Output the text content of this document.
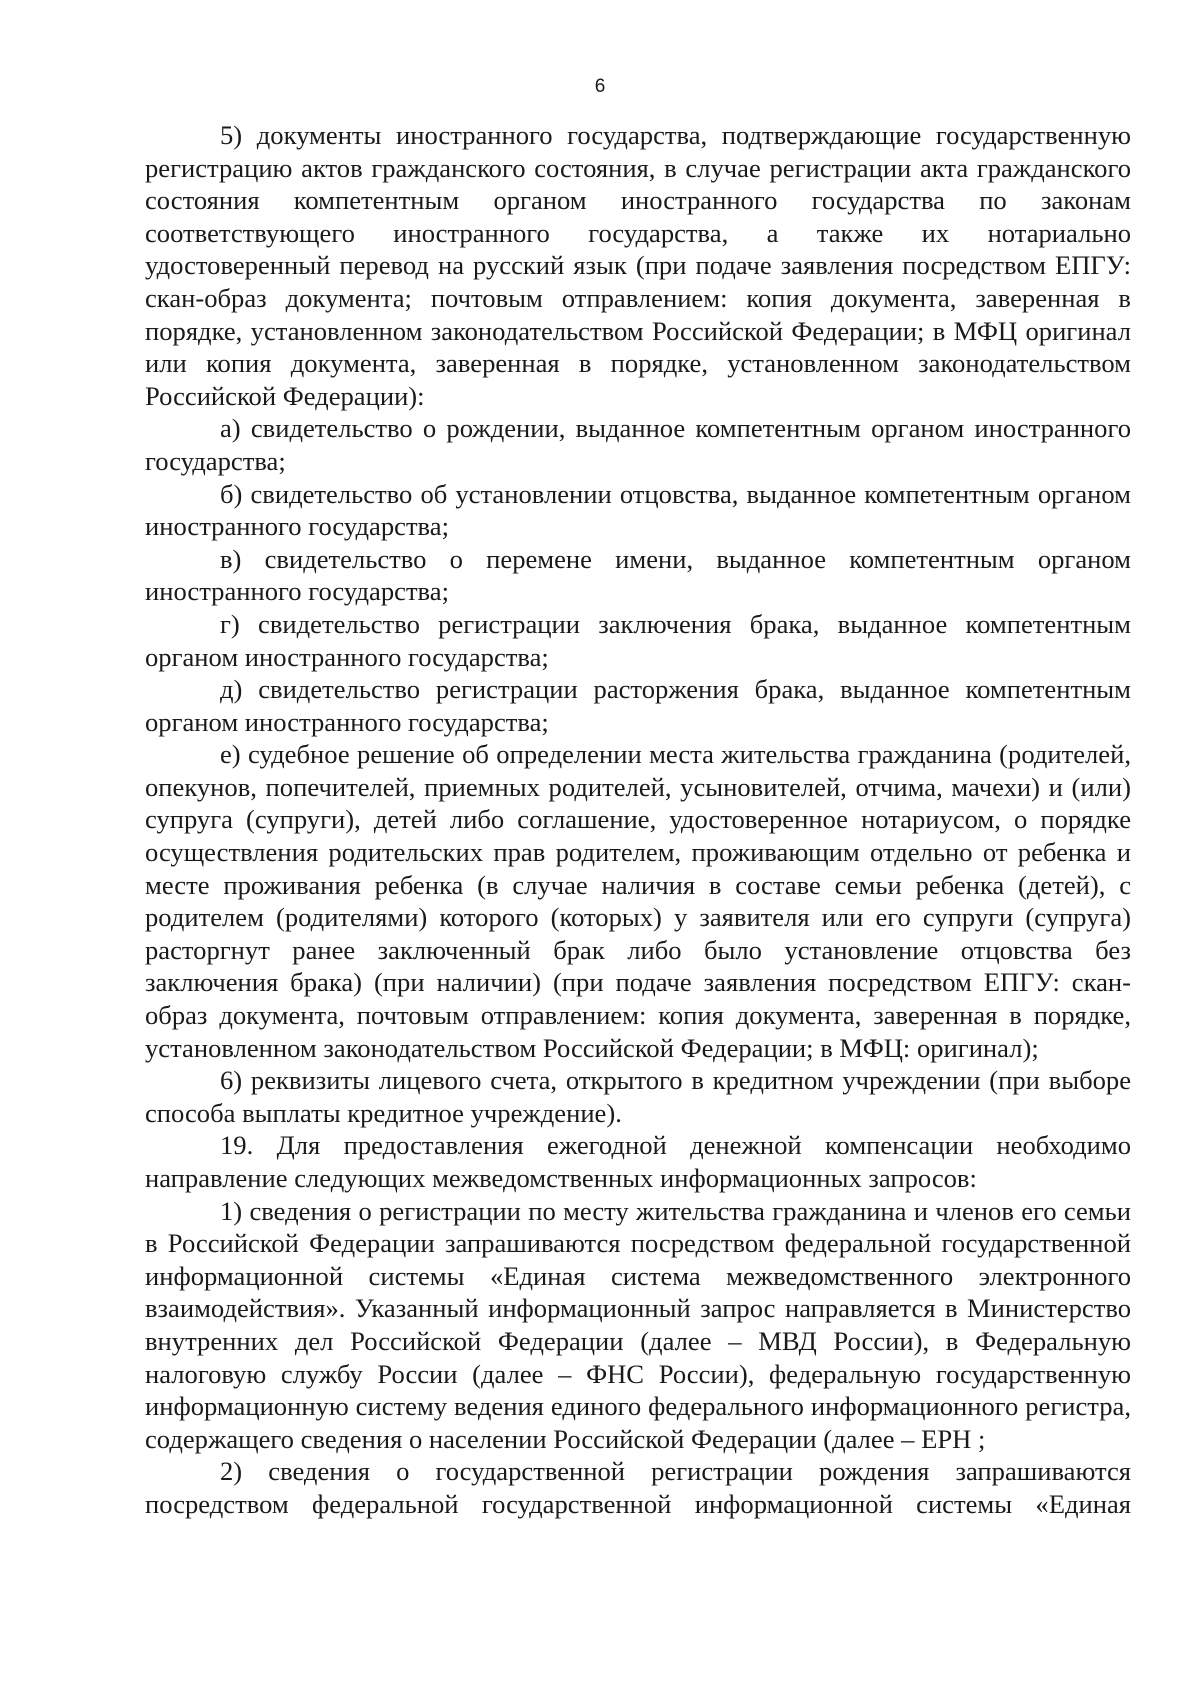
6

5) документы иностранного государства, подтверждающие государственную регистрацию актов гражданского состояния, в случае регистрации акта гражданского состояния компетентным органом иностранного государства по законам соответствующего иностранного государства, а также их нотариально удостоверенный перевод на русский язык (при подаче заявления посредством ЕПГУ: скан-образ документа; почтовым отправлением: копия документа, заверенная в порядке, установленном законодательством Российской Федерации; в МФЦ оригинал или копия документа, заверенная в порядке, установленном законодательством Российской Федерации):

а) свидетельство о рождении, выданное компетентным органом иностранного государства;

б) свидетельство об установлении отцовства, выданное компетентным органом иностранного государства;

в) свидетельство о перемене имени, выданное компетентным органом иностранного государства;

г) свидетельство регистрации заключения брака, выданное компетентным органом иностранного государства;

д) свидетельство регистрации расторжения брака, выданное компетентным органом иностранного государства;

е) судебное решение об определении места жительства гражданина (родителей, опекунов, попечителей, приемных родителей, усыновителей, отчима, мачехи) и (или) супруга (супруги), детей либо соглашение, удостоверенное нотариусом, о порядке осуществления родительских прав родителем, проживающим отдельно от ребенка и месте проживания ребенка (в случае наличия в составе семьи ребенка (детей), с родителем (родителями) которого (которых) у заявителя или его супруги (супруга) расторгнут ранее заключенный брак либо было установление отцовства без заключения брака) (при наличии) (при подаче заявления посредством ЕПГУ: скан-образ документа, почтовым отправлением: копия документа, заверенная в порядке, установленном законодательством Российской Федерации; в МФЦ: оригинал);

6) реквизиты лицевого счета, открытого в кредитном учреждении (при выборе способа выплаты кредитное учреждение).

19. Для предоставления ежегодной денежной компенсации необходимо направление следующих межведомственных информационных запросов:

1) сведения о регистрации по месту жительства гражданина и членов его семьи в Российской Федерации запрашиваются посредством федеральной государственной информационной системы «Единая система межведомственного электронного взаимодействия». Указанный информационный запрос направляется в Министерство внутренних дел Российской Федерации (далее – МВД России), в Федеральную налоговую службу России (далее – ФНС России), федеральную государственную информационную систему ведения единого федерального информационного регистра, содержащего сведения о населении Российской Федерации (далее – ЕРН ;

2) сведения о государственной регистрации рождения запрашиваются посредством федеральной государственной информационной системы «Единая
